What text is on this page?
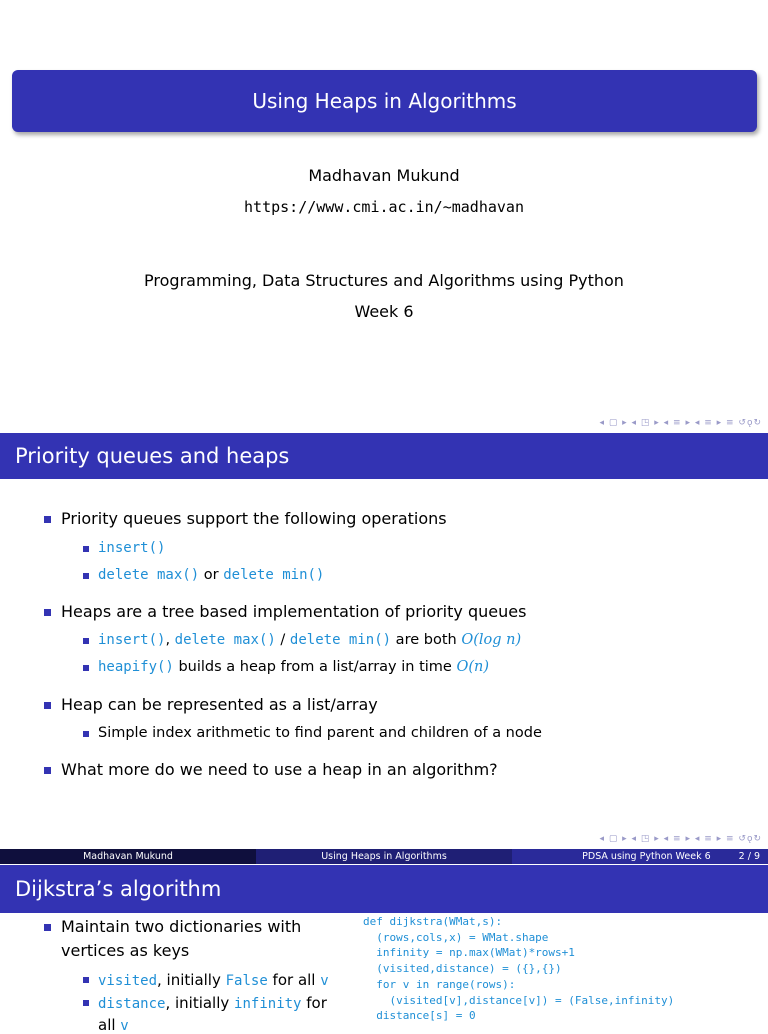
Using Heaps in Algorithms
Madhavan Mukund
https://www.cmi.ac.in/~madhavan
Programming, Data Structures and Algorithms using Python
Week 6
◂ ▢ ▸ ◂ ◳ ▸ ◂ ≡ ▸ ◂ ≡ ▸ ≡ ↺ǫ↻
Priority queues and heaps
Priority queues support the following operations
insert()
delete max() or delete min()
Heaps are a tree based implementation of priority queues
insert(), delete max() / delete min() are both O(log n)
heapify() builds a heap from a list/array in time O(n)
Heap can be represented as a list/array
Simple index arithmetic to find parent and children of a node
What more do we need to use a heap in an algorithm?
◂ ▢ ▸ ◂ ◳ ▸ ◂ ≡ ▸ ◂ ≡ ▸ ≡ ↺ǫ↻
Madhavan Mukund	Using Heaps in Algorithms	PDSA using Python Week 6	2 / 9
Dijkstra’s algorithm
Maintain two dictionaries with
vertices as keys
visited, initially False for all v
distance, initially infinity for
all v
def dijkstra(WMat,s):
(rows,cols,x) = WMat.shape
infinity = np.max(WMat)*rows+1
(visited,distance) = ({},{})
for v in range(rows):
(visited[v],distance[v]) = (False,infinity)
distance[s] = 0
